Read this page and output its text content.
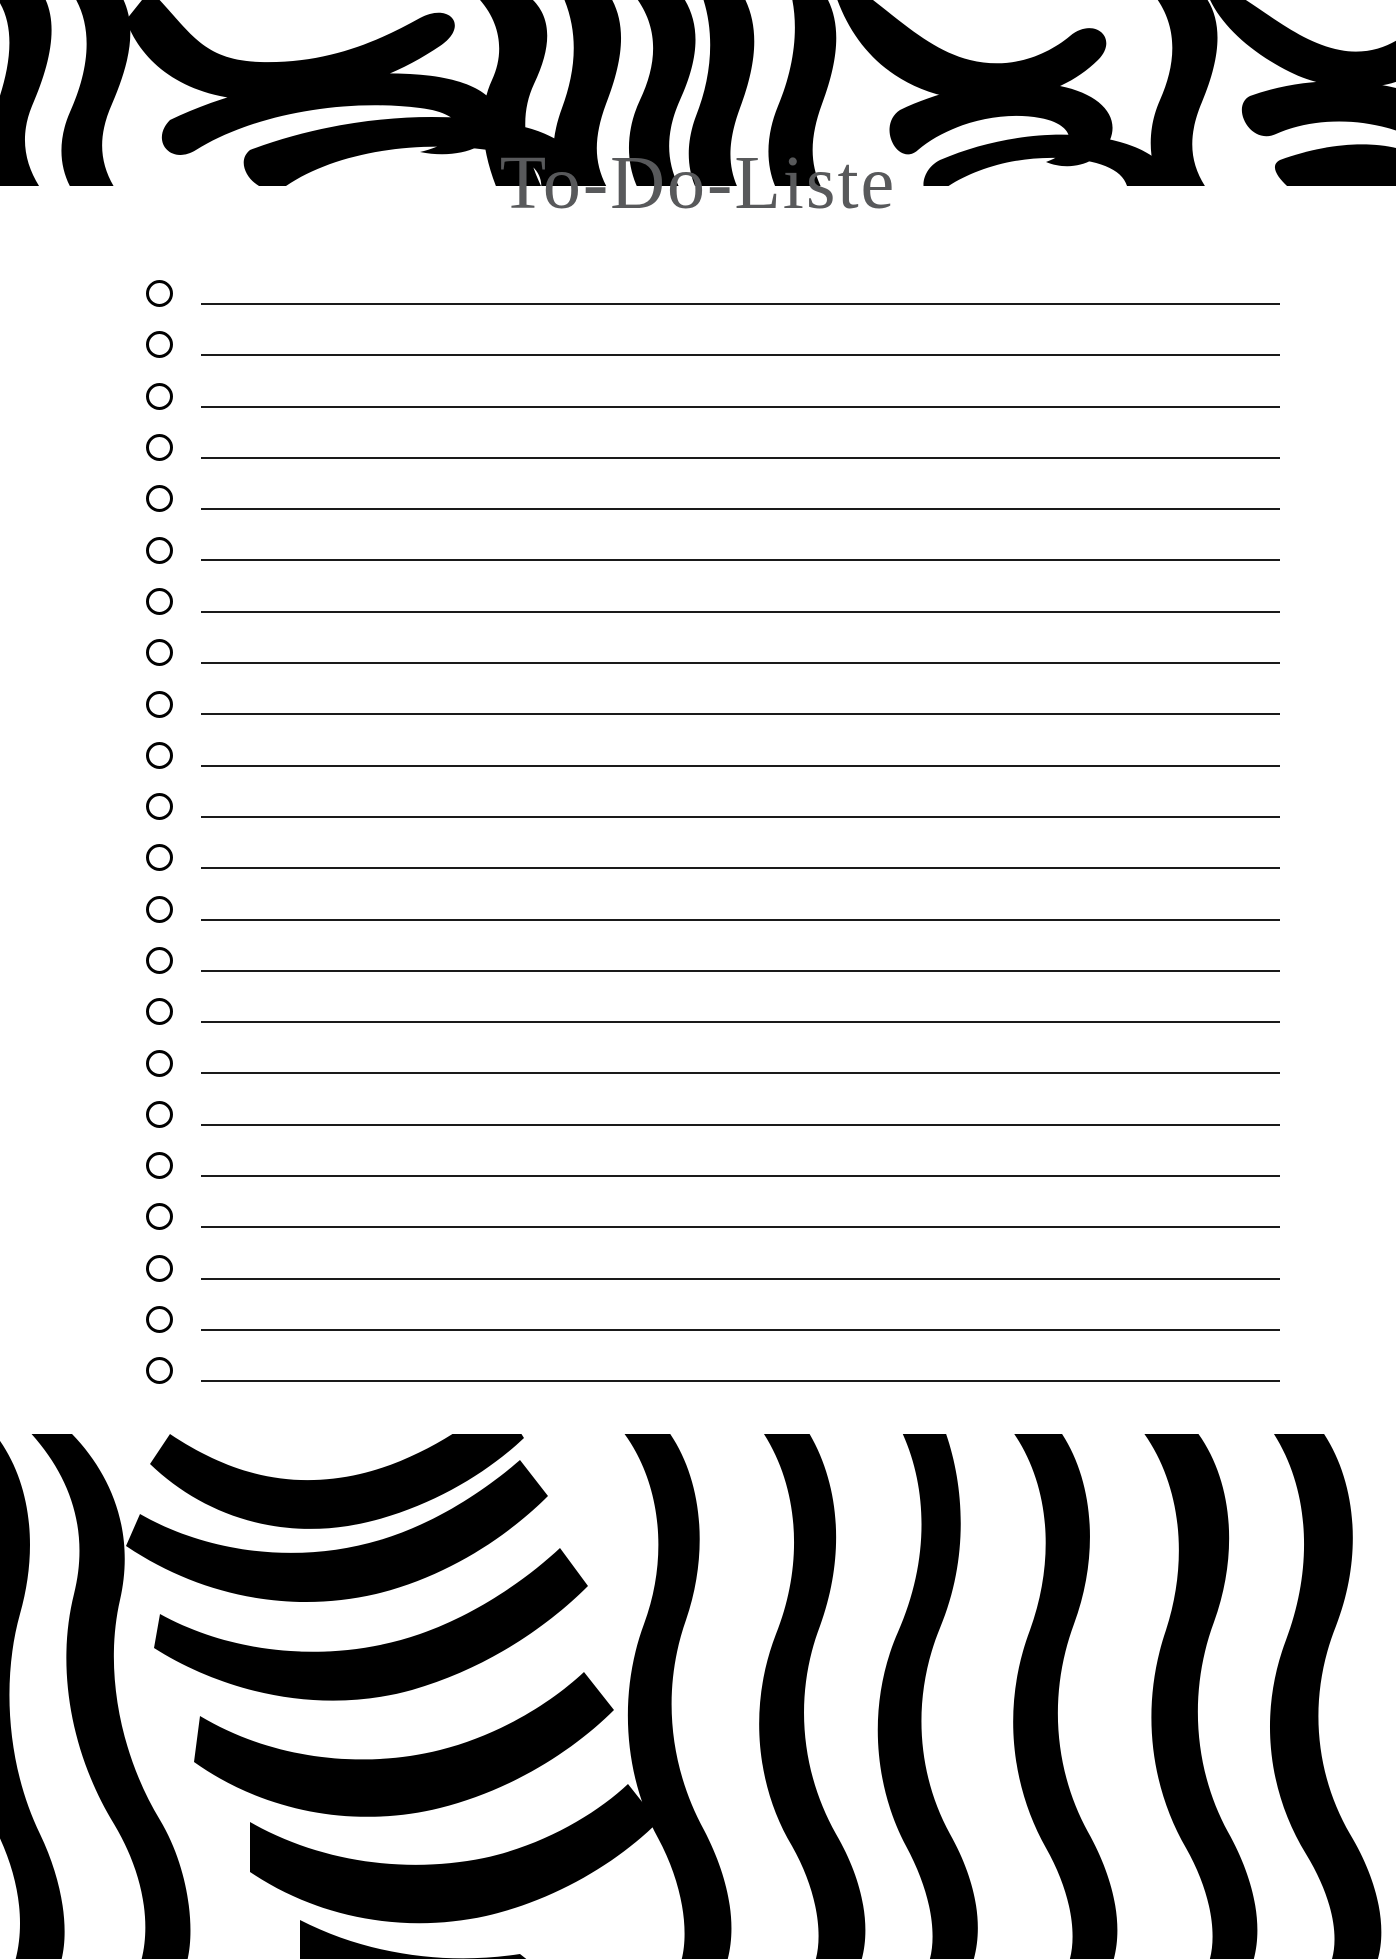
To-Do-Liste
